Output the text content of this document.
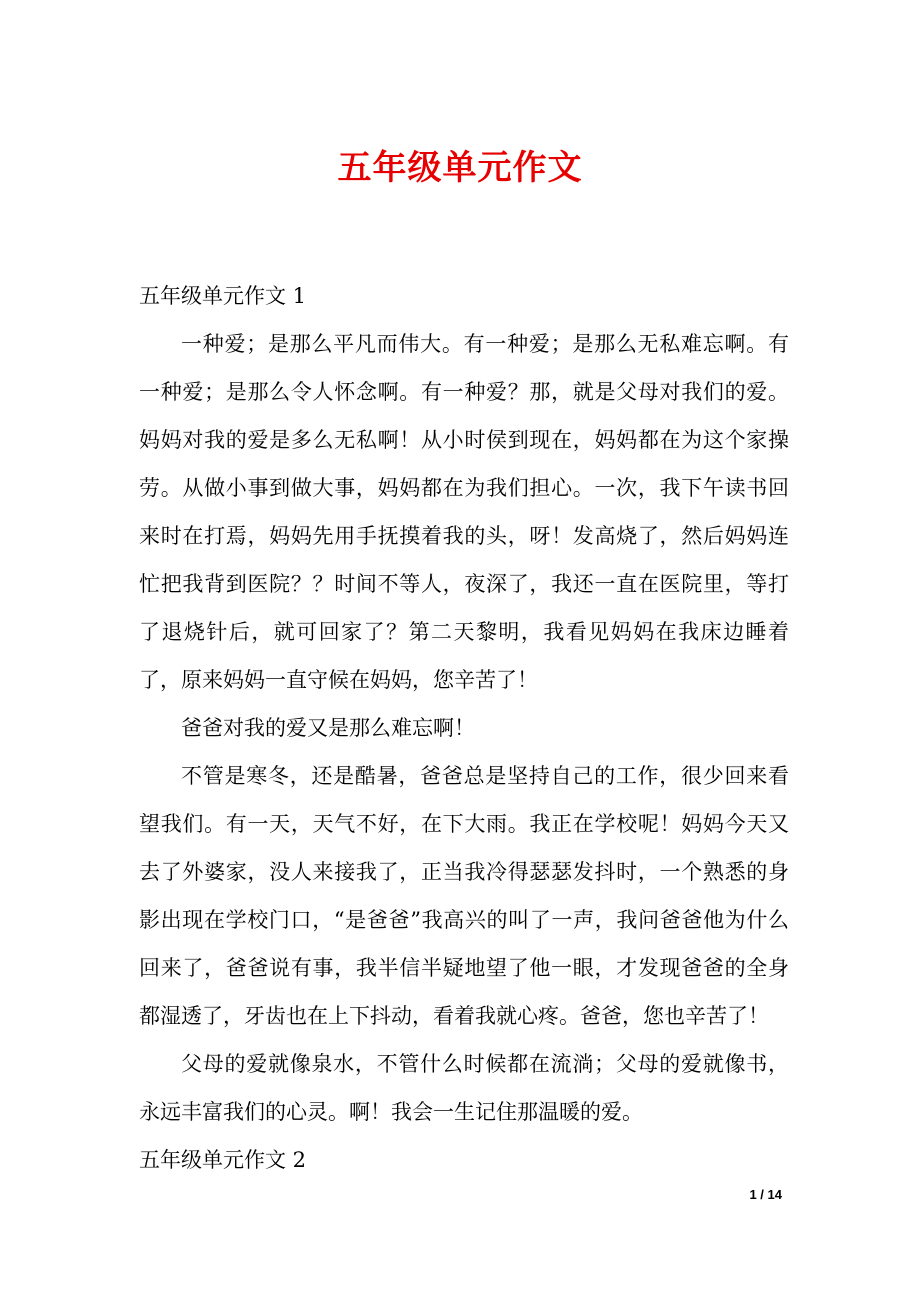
五年级单元作文
五年级单元作文 1

一种爱；是那么平凡而伟大。有一种爱；是那么无私难忘啊。有一种爱；是那么令人怀念啊。有一种爱？那，就是父母对我们的爱。妈妈对我的爱是多么无私啊！从小时侯到现在，妈妈都在为这个家操劳。从做小事到做大事，妈妈都在为我们担心。一次，我下午读书回来时在打焉，妈妈先用手抚摸着我的头，呀！发高烧了，然后妈妈连忙把我背到医院？？时间不等人，夜深了，我还一直在医院里，等打了退烧针后，就可回家了？第二天黎明，我看见妈妈在我床边睡着了，原来妈妈一直守候在妈妈，您辛苦了！

爸爸对我的爱又是那么难忘啊！

不管是寒冬，还是酷暑，爸爸总是坚持自己的工作，很少回来看望我们。有一天，天气不好，在下大雨。我正在学校呢！妈妈今天又去了外婆家，没人来接我了，正当我冷得瑟瑟发抖时，一个熟悉的身影出现在学校门口，“是爸爸”我高兴的叫了一声，我问爸爸他为什么回来了，爸爸说有事，我半信半疑地望了他一眼，才发现爸爸的全身都湿透了，牙齿也在上下抖动，看着我就心疼。爸爸，您也辛苦了！

父母的爱就像泉水，不管什么时候都在流淌；父母的爱就像书，永远丰富我们的心灵。啊！我会一生记住那温暖的爱。

五年级单元作文 2
1 / 14
